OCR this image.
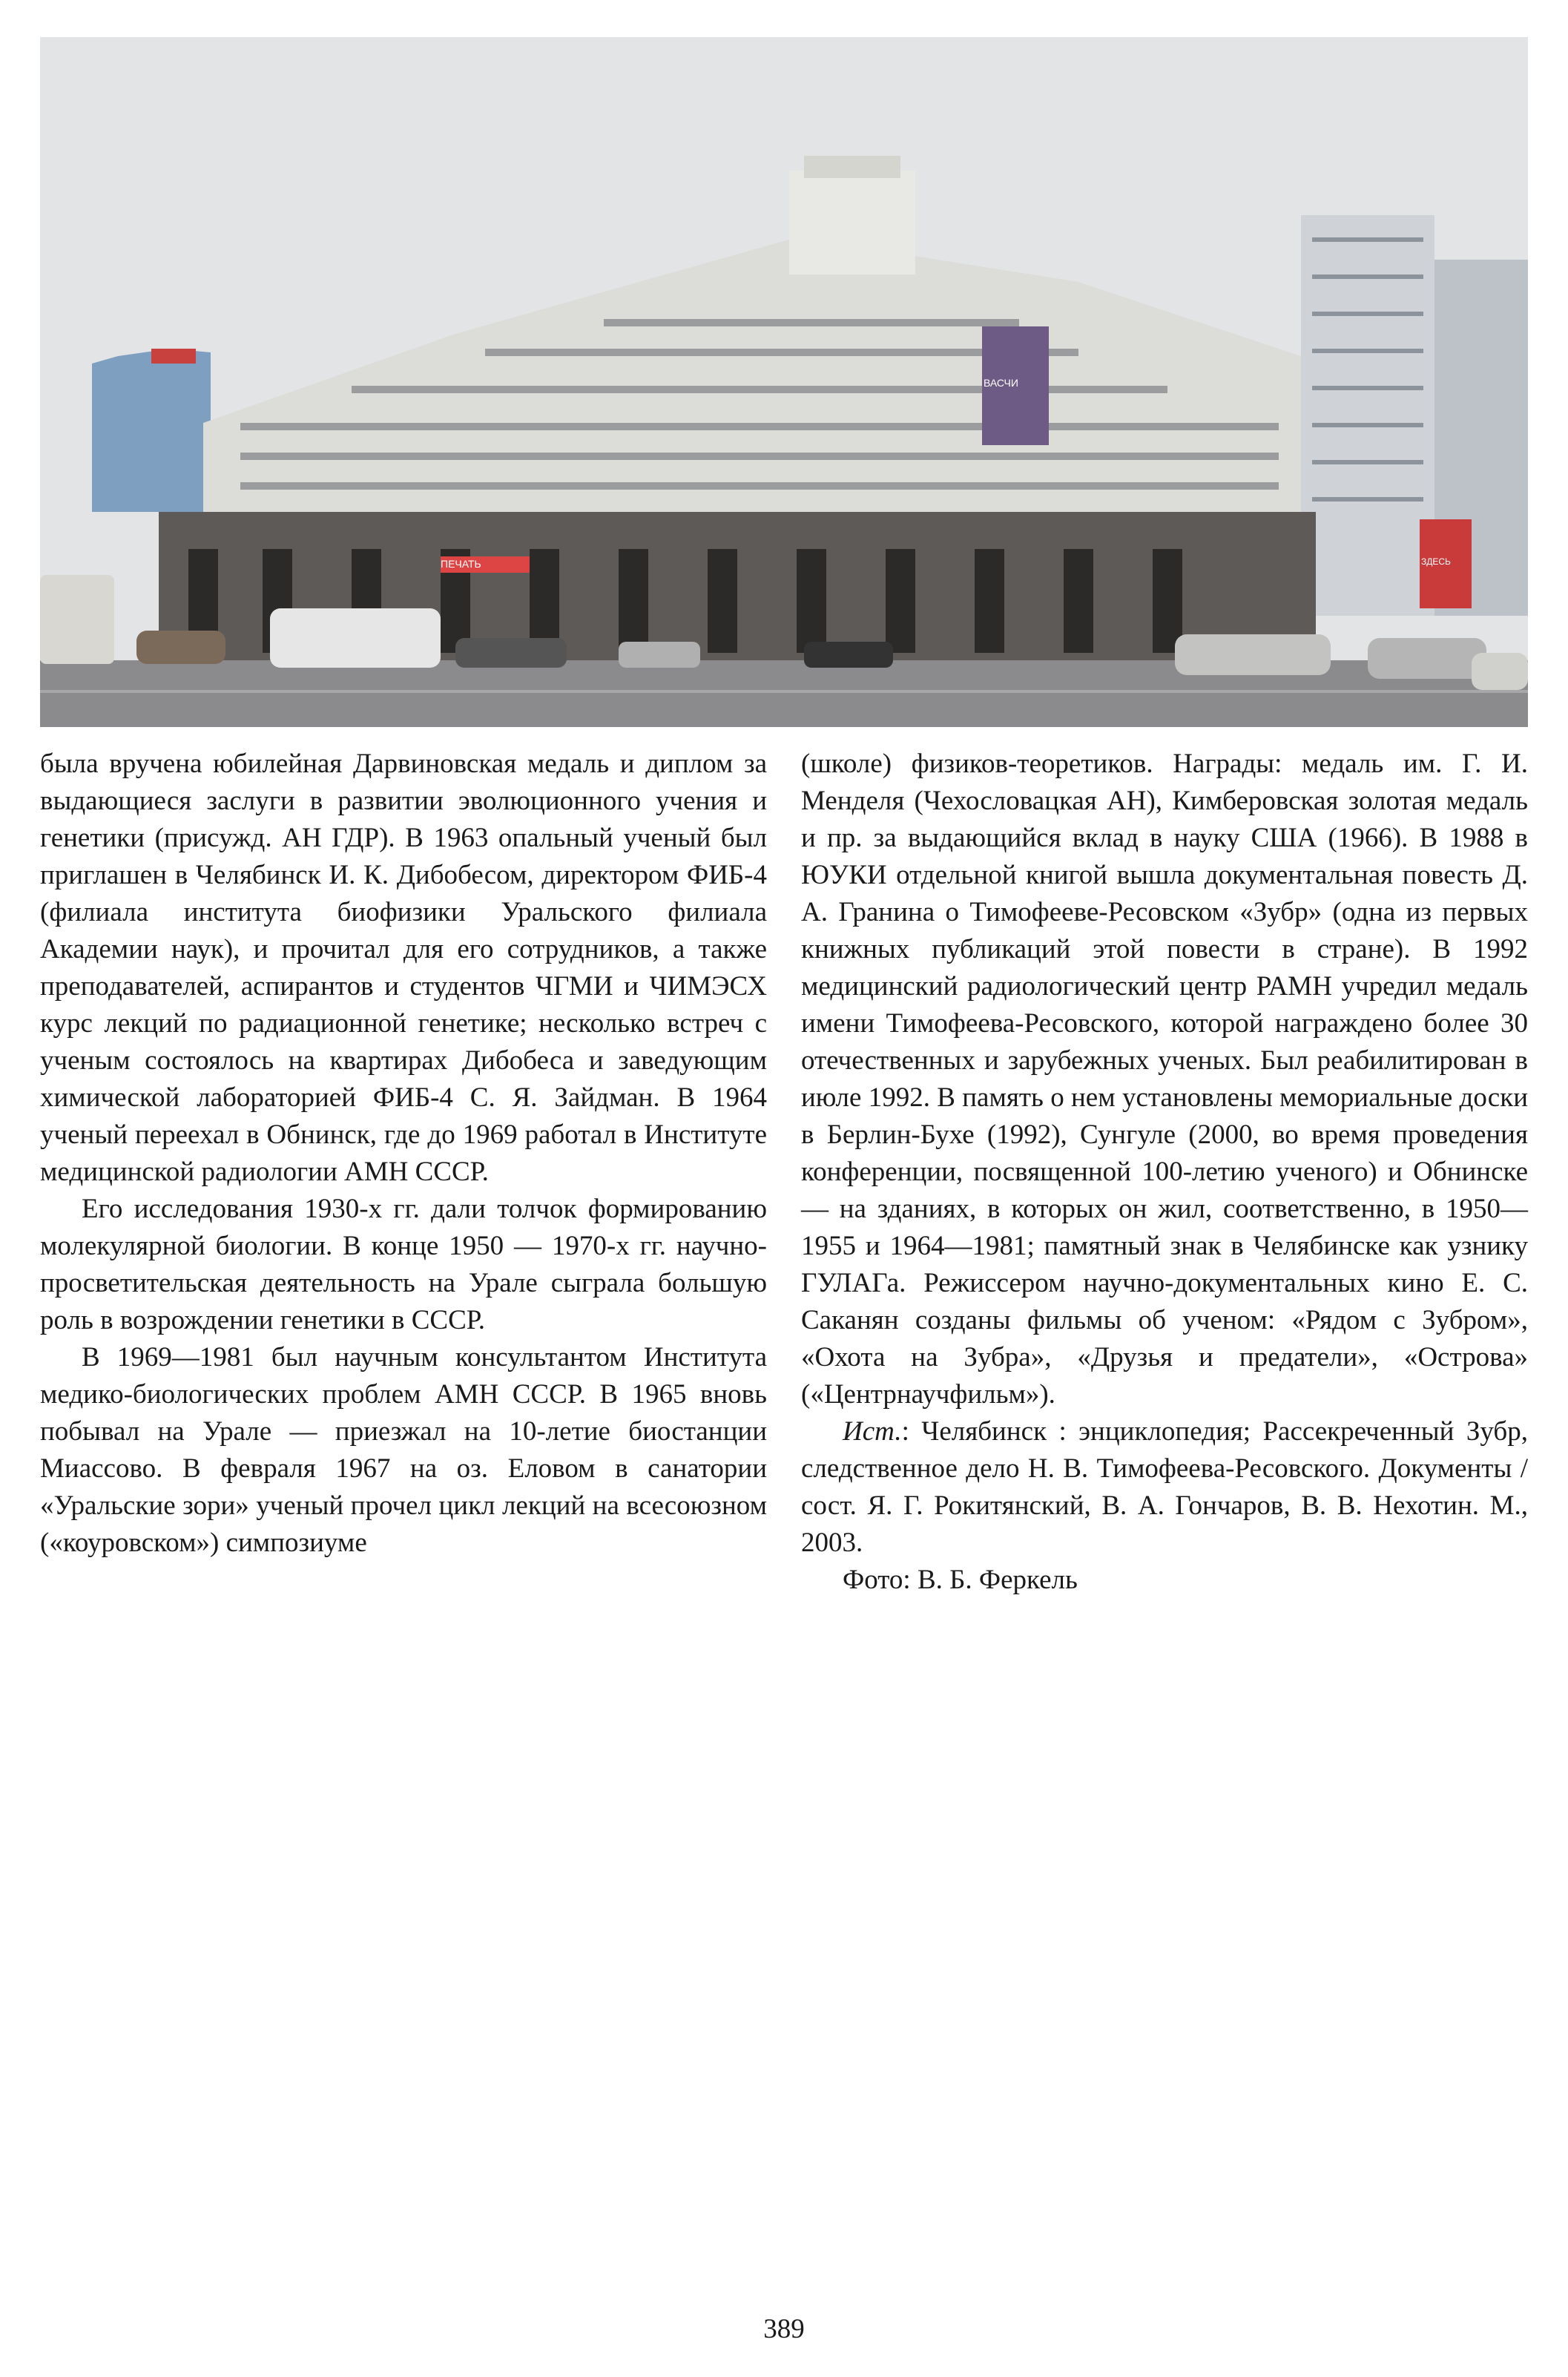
была вручена юбилейная Дарвиновская медаль и диплом за выдающиеся заслуги в развитии эволюционного учения и генетики (присужд. АН ГДР). В 1963 опальный ученый был приглашен в Челябинск И. К. Дибобесом, директором ФИБ-4 (филиала института биофизики Уральского филиала Академии наук), и прочитал для его сотрудников, а также преподавателей, аспирантов и студентов ЧГМИ и ЧИМЭСХ курс лекций по радиационной генетике; несколько встреч с ученым состоялось на квартирах Дибобеса и заведующим химической лабораторией ФИБ-4 С. Я. Зайдман. В 1964 ученый переехал в Обнинск, где до 1969 работал в Институте медицинской радиологии АМН СССР.

Его исследования 1930-х гг. дали толчок формированию молекулярной биологии. В конце 1950 — 1970-х гг. научно-просветительская деятельность на Урале сыграла большую роль в возрождении генетики в СССР.

В 1969—1981 был научным консультантом Института медико-биологических проблем АМН СССР. В 1965 вновь побывал на Урале — приезжал на 10-летие биостанции Миассово. В февраля 1967 на оз. Еловом в санатории «Уральские зори» ученый прочел цикл лекций на всесоюзном («коуровском») симпозиуме

(школе) физиков-теоретиков. Награды: медаль им. Г. И. Менделя (Чехословацкая АН), Кимберовская золотая медаль и пр. за выдающийся вклад в науку США (1966). В 1988 в ЮУКИ отдельной книгой вышла документальная повесть Д. А. Гранина о Тимофееве-Ресовском «Зубр» (одна из первых книжных публикаций этой повести в стране). В 1992 медицинский радиологический центр РАМН учредил медаль имени Тимофеева-Ресовского, которой награждено более 30 отечественных и зарубежных ученых. Был реабилитирован в июле 1992. В память о нем установлены мемориальные доски в Берлин-Бухе (1992), Сунгуле (2000, во время проведения конференции, посвященной 100-летию ученого) и Обнинске — на зданиях, в которых он жил, соответственно, в 1950—1955 и 1964—1981; памятный знак в Челябинске как узнику ГУЛАГа. Режиссером научно-документальных кино Е. С. Саканян созданы фильмы об ученом: «Рядом с Зубром», «Охота на Зубра», «Друзья и предатели», «Острова» («Центрнаучфильм»).

Ист.: Челябинск : энциклопедия; Рассекреченный Зубр, следственное дело Н. В. Тимофеева-Ресовского. Документы / сост. Я. Г. Рокитянский, В. А. Гончаров, В. В. Нехотин. М., 2003.

Фото: В. Б. Феркель

389
ПЕЧАТЬ
ВАСЧИ
ЗДЕСЬ
